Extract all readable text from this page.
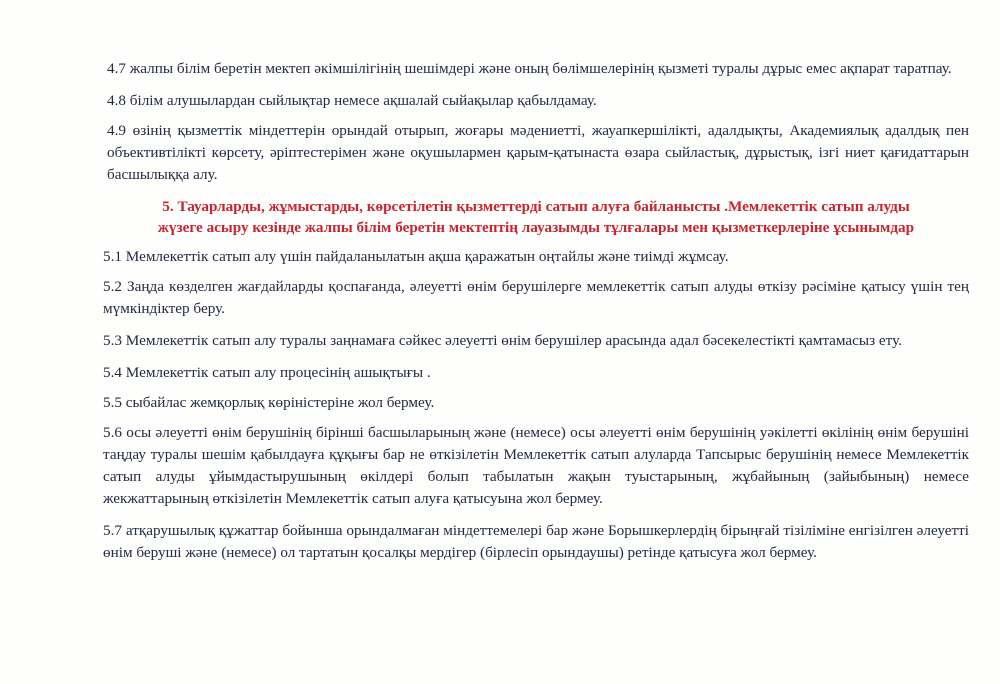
4.7 жалпы білім беретін мектеп әкімшілігінің шешімдері және оның бөлімшелерінің қызметі туралы дұрыс емес ақпарат таратпау.

4.8 білім алушылардан сыйлықтар немесе ақшалай сыйақылар қабылдамау.

4.9 өзінің қызметтік міндеттерін орындай отырып, жоғары мәдениетті, жауапкершілікті, адалдықты, Академиялық адалдық пен объективтілікті көрсету, әріптестерімен және оқушылармен қарым-қатынаста өзара сыйластық, дұрыстық, ізгі ниет қағидаттарын басшылыққа алу.

5. Тауарларды, жұмыстарды, көрсетілетін қызметтерді сатып алуға байланысты .Мемлекеттік сатып алуды
жүзеге асыру кезінде жалпы білім беретін мектептің лауазымды тұлғалары мен қызметкерлеріне ұсынымдар

5.1 Мемлекеттік сатып алу үшін пайдаланылатын ақша қаражатын оңтайлы және тиімді жұмсау.

5.2 Заңда көзделген жағдайларды қоспағанда, әлеуетті өнім берушілерге мемлекеттік сатып алуды өткізу рәсіміне қатысу үшін тең мүмкіндіктер беру.

5.3 Мемлекеттік сатып алу туралы заңнамаға сәйкес әлеуетті өнім берушілер арасында адал бәсекелестікті қамтамасыз ету.

5.4 Мемлекеттік сатып алу процесінің ашықтығы .

5.5 сыбайлас жемқорлық көріністеріне жол бермеу.

5.6 осы әлеуетті өнім берушінің бірінші басшыларының және (немесе) осы әлеуетті өнім берушінің уәкілетті өкілінің өнім берушіні таңдау туралы шешім қабылдауға құқығы бар не өткізілетін Мемлекеттік сатып алуларда Тапсырыс берушінің немесе Мемлекеттік сатып алуды ұйымдастырушының өкілдері болып табылатын жақын туыстарының, жұбайының (зайыбының) немесе жекжаттарының өткізілетін Мемлекеттік сатып алуға қатысуына жол бермеу.

5.7 атқарушылық құжаттар бойынша орындалмаған міндеттемелері бар және Борышкерлердің бірыңғай тізіліміне енгізілген әлеуетті өнім беруші және (немесе) ол тартатын қосалқы мердігер (бірлесіп орындаушы) ретінде қатысуға жол бермеу.
